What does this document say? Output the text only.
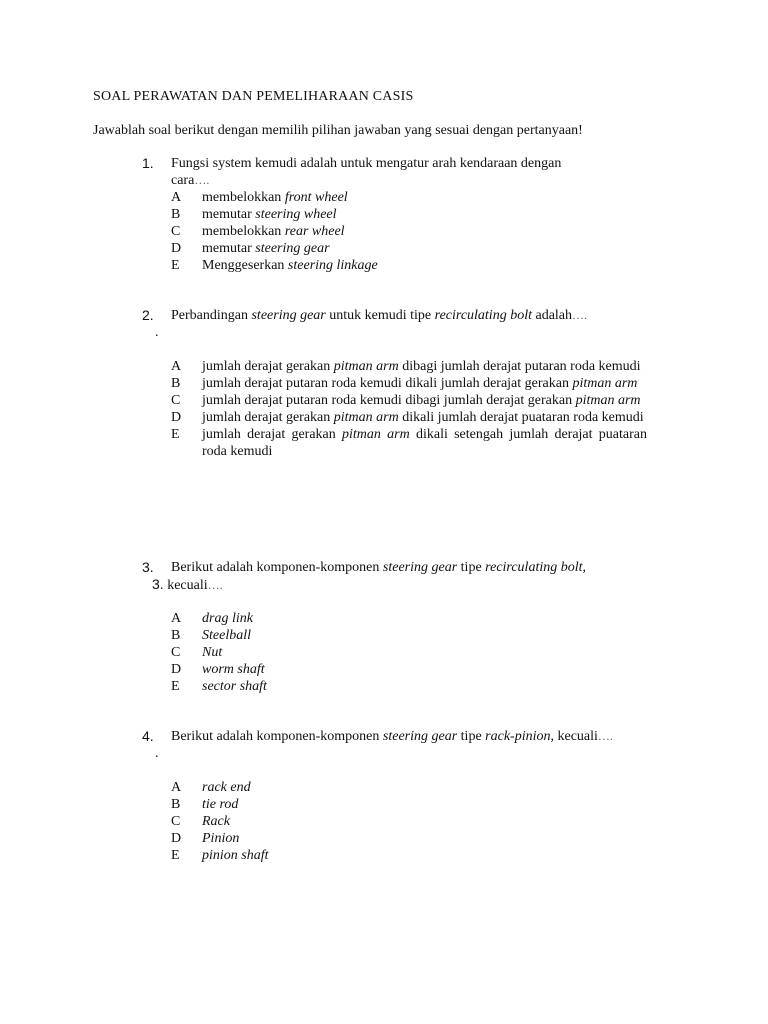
SOAL PERAWATAN DAN PEMELIHARAAN CASIS
Jawablah soal berikut dengan memilih pilihan jawaban yang sesuai dengan pertanyaan!
1.	Fungsi system kemudi adalah untuk mengatur arah kendaraan dengan
cara….
A	membelokkan front wheel
B	memutar steering wheel
C	membelokkan rear wheel
D	memutar steering gear
E	Menggeserkan steering linkage
2.	Perbandingan steering gear untuk kemudi tipe recirculating bolt adalah….
.
A	jumlah derajat gerakan pitman arm dibagi jumlah derajat putaran roda kemudi
B	jumlah derajat putaran roda kemudi dikali jumlah derajat gerakan pitman arm
C	jumlah derajat putaran roda kemudi dibagi jumlah derajat gerakan pitman arm
D	jumlah derajat gerakan pitman arm dikali jumlah derajat puataran roda kemudi
E	jumlah derajat gerakan pitman arm dikali setengah jumlah derajat puataran roda kemudi
3.	Berikut adalah komponen-komponen steering gear tipe recirculating bolt,
3. kecuali….
A	drag link
B	Steelball
C	Nut
D	worm shaft
E	sector shaft
4.	Berikut adalah komponen-komponen steering gear tipe rack-pinion, kecuali….
.
A	rack end
B	tie rod
C	Rack
D	Pinion
E	pinion shaft
